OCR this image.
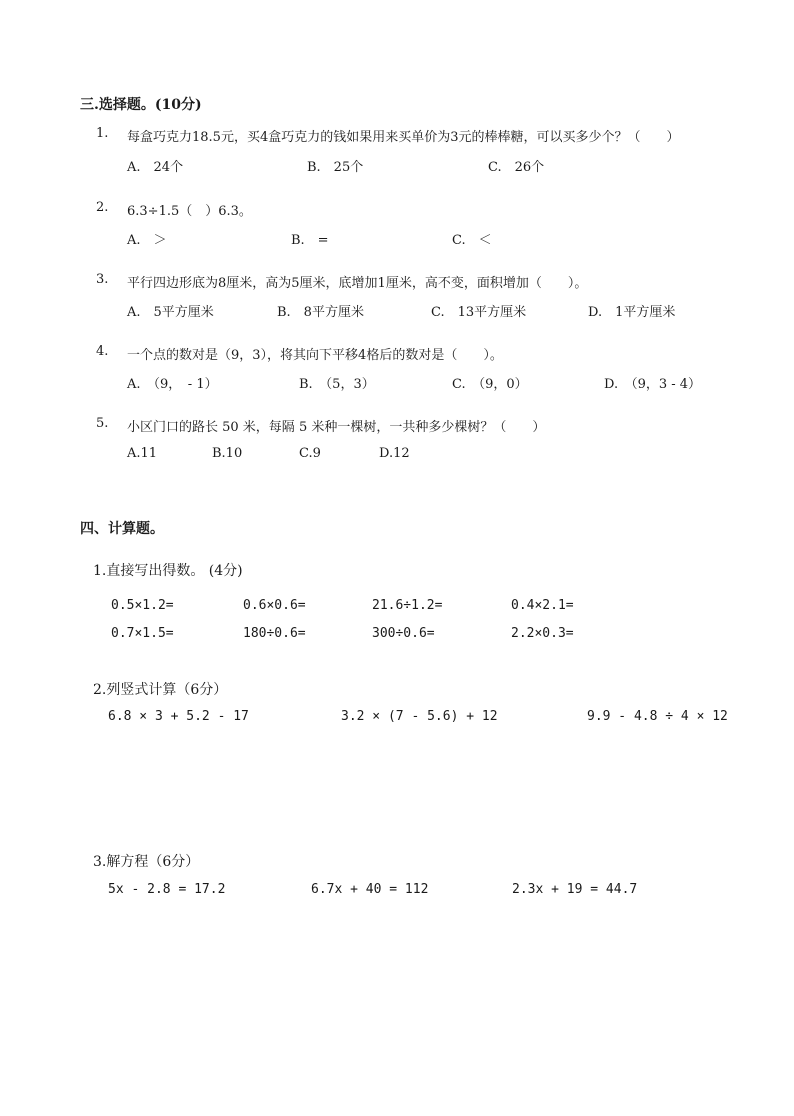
三.选择题。(10分)
1. 每盒巧克力18.5元，买4盒巧克力的钱如果用来买单价为3元的棒棒糖，可以买多少个？（　　）
A.　24个	B.　25个	C.　26个
2. 6.3÷1.5（　）6.3。
A.　＞	B.　=	C.　＜
3. 平行四边形底为8厘米，高为5厘米，底增加1厘米，高不变，面积增加（　　）。
A.　5平方厘米	B.　8平方厘米	C.　13平方厘米	D.　1平方厘米
4. 一个点的数对是（9，3），将其向下平移4格后的数对是（　　）。
A.　（9，　- 1）	B.　（5，3）	C.　（9，0）	D.　（9，3 - 4）
5. 小区门口的路长 50 米，每隔 5 米种一棵树，一共种多少棵树？（　　）
A.11	B.10	C.9	D.12
四、计算题。
1.直接写出得数。 (4分)
0.5×1.2=	0.6×0.6=	21.6÷1.2=	0.4×2.1=
0.7×1.5=	180÷0.6=	300÷0.6=	2.2×0.3=
2.列竖式计算（6分）
6.8 × 3 + 5.2 - 17	3.2 × (7 - 5.6) + 12	9.9 - 4.8 ÷ 4 × 12
3.解方程（6分）
5x - 2.8 = 17.2	6.7x + 40 = 112	2.3x + 19 = 44.7
